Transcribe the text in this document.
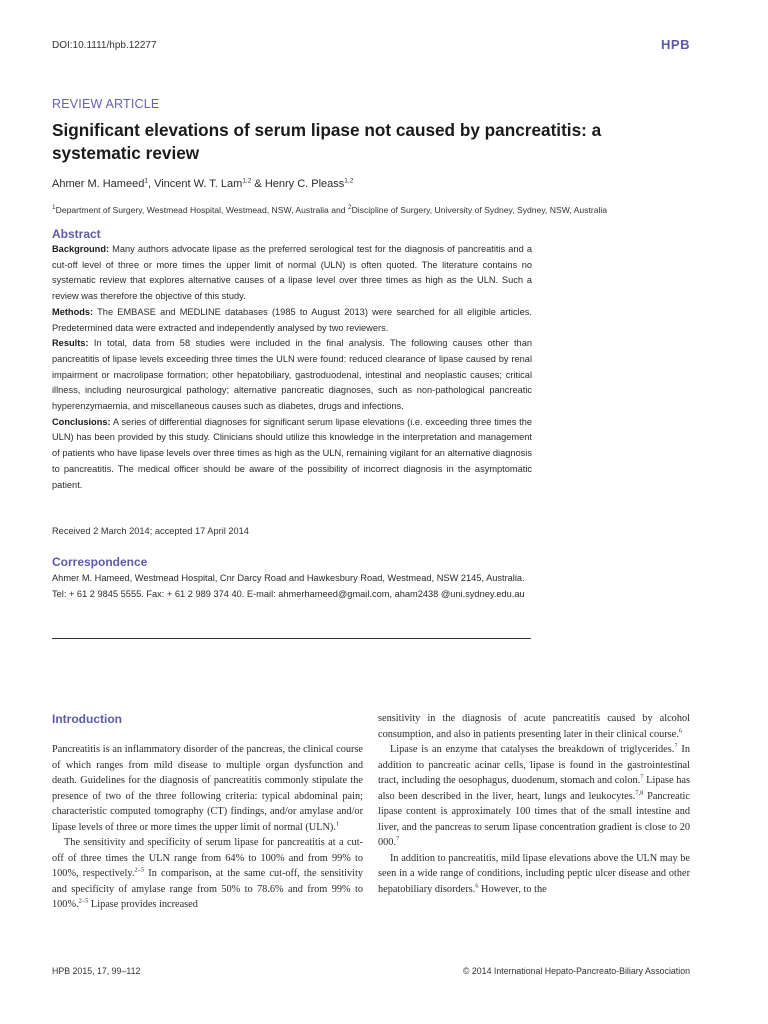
DOI:10.1111/hpb.12277	HPB
REVIEW ARTICLE
Significant elevations of serum lipase not caused by pancreatitis: a systematic review
Ahmer M. Hameed$^1$, Vincent W. T. Lam$^{1,2}$ & Henry C. Pleass$^{1,2}$
$^1$Department of Surgery, Westmead Hospital, Westmead, NSW, Australia and $^2$Discipline of Surgery, University of Sydney, Sydney, NSW, Australia
Abstract

Background: Many authors advocate lipase as the preferred serological test for the diagnosis of pancreatitis and a cut-off level of three or more times the upper limit of normal (ULN) is often quoted. The literature contains no systematic review that explores alternative causes of a lipase level over three times as high as the ULN. Such a review was therefore the objective of this study.

Methods: The EMBASE and MEDLINE databases (1985 to August 2013) were searched for all eligible articles. Predetermined data were extracted and independently analysed by two reviewers.

Results: In total, data from 58 studies were included in the final analysis. The following causes other than pancreatitis of lipase levels exceeding three times the ULN were found: reduced clearance of lipase caused by renal impairment or macrolipase formation; other hepatobiliary, gastroduodenal, intestinal and neoplastic causes; critical illness, including neurosurgical pathology; alternative pancreatic diagnoses, such as non-pathological pancreatic hyperenzymaemia, and miscellaneous causes such as diabetes, drugs and infections.

Conclusions: A series of differential diagnoses for significant serum lipase elevations (i.e. exceeding three times the ULN) has been provided by this study. Clinicians should utilize this knowledge in the interpretation and management of patients who have lipase levels over three times as high as the ULN, remaining vigilant for an alternative diagnosis to pancreatitis. The medical officer should be aware of the possibility of incorrect diagnosis in the asymptomatic patient.

Received 2 March 2014; accepted 17 April 2014
Correspondence
Ahmer M. Hameed, Westmead Hospital, Cnr Darcy Road and Hawkesbury Road, Westmead, NSW 2145, Australia. Tel: + 61 2 9845 5555. Fax: + 61 2 989 374 40. E-mail: ahmerhameed@gmail.com, aham2438 @uni.sydney.edu.au
Introduction

Pancreatitis is an inflammatory disorder of the pancreas, the clinical course of which ranges from mild disease to multiple organ dysfunction and death. Guidelines for the diagnosis of pancreatitis commonly stipulate the presence of two of the three following criteria: typical abdominal pain; characteristic computed tomography (CT) findings, and/or amylase and/or lipase levels of three or more times the upper limit of normal (ULN).$^1$

The sensitivity and specificity of serum lipase for pancreatitis at a cut-off of three times the ULN range from 64% to 100% and from 99% to 100%, respectively.$^{2-5}$ In comparison, at the same cut-off, the sensitivity and specificity of amylase range from 50% to 78.6% and from 99% to 100%.$^{2-5}$ Lipase provides increased

sensitivity in the diagnosis of acute pancreatitis caused by alcohol consumption, and also in patients presenting later in their clinical course.$^6$

Lipase is an enzyme that catalyses the breakdown of triglycerides.$^7$ In addition to pancreatic acinar cells, lipase is found in the gastrointestinal tract, including the oesophagus, duodenum, stomach and colon.$^7$ Lipase has also been described in the liver, heart, lungs and leukocytes.$^{7,8}$ Pancreatic lipase content is approximately 100 times that of the small intestine and liver, and the pancreas to serum lipase concentration gradient is close to 20 000.$^7$

In addition to pancreatitis, mild lipase elevations above the ULN may be seen in a wide range of conditions, including peptic ulcer disease and other hepatobiliary disorders.$^6$ However, to the

HPB 2015, 17, 99–112	© 2014 International Hepato-Pancreato-Biliary Association
